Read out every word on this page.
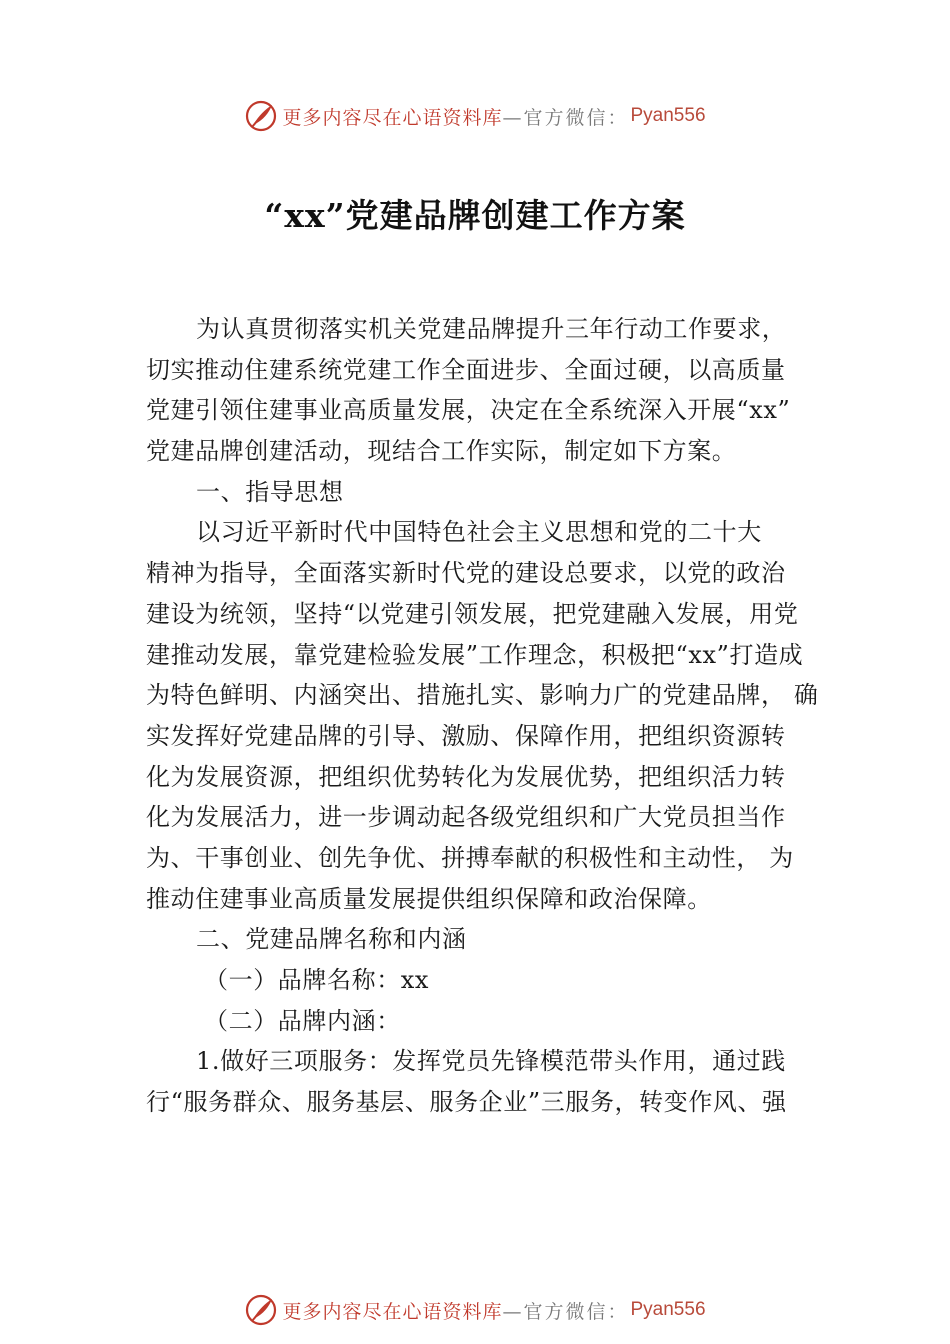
更多内容尽在心语资料库 —官方微信： Pyan556
“xx”党建品牌创建工作方案
为认真贯彻落实机关党建品牌提升三年行动工作要求，
切实推动住建系统党建工作全面进步、全面过硬，以高质量
党建引领住建事业高质量发展，决定在全系统深入开展“xx”
党建品牌创建活动，现结合工作实际，制定如下方案。
一、指导思想
以习近平新时代中国特色社会主义思想和党的二十大
精神为指导，全面落实新时代党的建设总要求，以党的政治
建设为统领，坚持“以党建引领发展，把党建融入发展，用党
建推动发展，靠党建检验发展”工作理念，积极把“xx”打造成
为特色鲜明、内涵突出、措施扎实、影响力广的党建品牌， 确
实发挥好党建品牌的引导、激励、保障作用，把组织资源转
化为发展资源，把组织优势转化为发展优势，把组织活力转
化为发展活力，进一步调动起各级党组织和广大党员担当作
为、干事创业、创先争优、拼搏奉献的积极性和主动性， 为
推动住建事业高质量发展提供组织保障和政治保障。
二、党建品牌名称和内涵
（一）品牌名称：xx
（二）品牌内涵：
1.做好三项服务：发挥党员先锋模范带头作用，通过践
行“服务群众、服务基层、服务企业”三服务，转变作风、强
更多内容尽在心语资料库 —官方微信： Pyan556
